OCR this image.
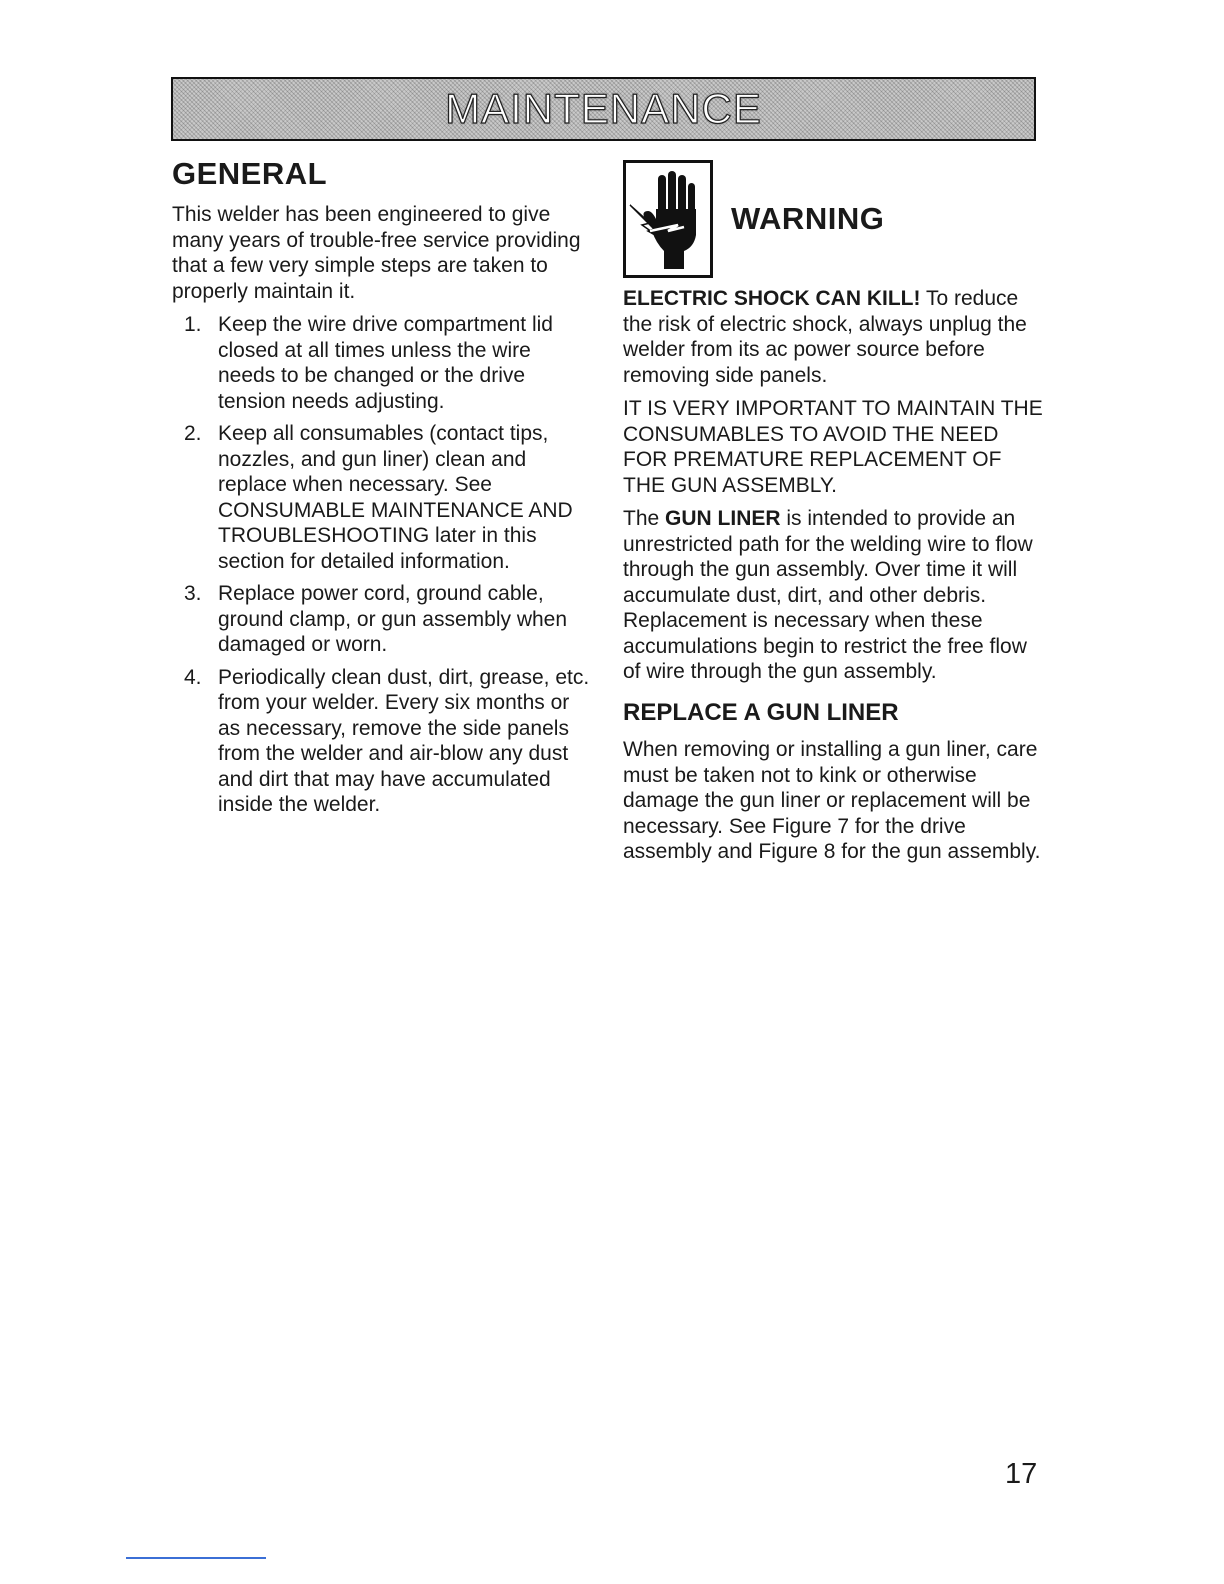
MAINTENANCE
GENERAL

This welder has been engineered to give many years of trouble-free service providing that a few very simple steps are taken to properly maintain it.

1. Keep the wire drive compartment lid closed at all times unless the wire needs to be changed or the drive tension needs adjusting.
2. Keep all consumables (contact tips, nozzles, and gun liner) clean and replace when necessary. See CONSUMABLE MAINTENANCE AND TROUBLESHOOTING later in this section for detailed information.
3. Replace power cord, ground cable, ground clamp, or gun assembly when damaged or worn.
4. Periodically clean dust, dirt, grease, etc. from your welder. Every six months or as necessary, remove the side panels from the welder and air-blow any dust and dirt that may have accumulated inside the welder.
WARNING

ELECTRIC SHOCK CAN KILL! To reduce the risk of electric shock, always unplug the welder from its ac power source before removing side panels.

IT IS VERY IMPORTANT TO MAINTAIN THE CONSUMABLES TO AVOID THE NEED FOR PREMATURE REPLACEMENT OF THE GUN ASSEMBLY.

The GUN LINER is intended to provide an unrestricted path for the welding wire to flow through the gun assembly. Over time it will accumulate dust, dirt, and other debris. Replacement is necessary when these accumulations begin to restrict the free flow of wire through the gun assembly.

REPLACE A GUN LINER

When removing or installing a gun liner, care must be taken not to kink or otherwise damage the gun liner or replacement will be necessary. See Figure 7 for the drive assembly and Figure 8 for the gun assembly.

17
